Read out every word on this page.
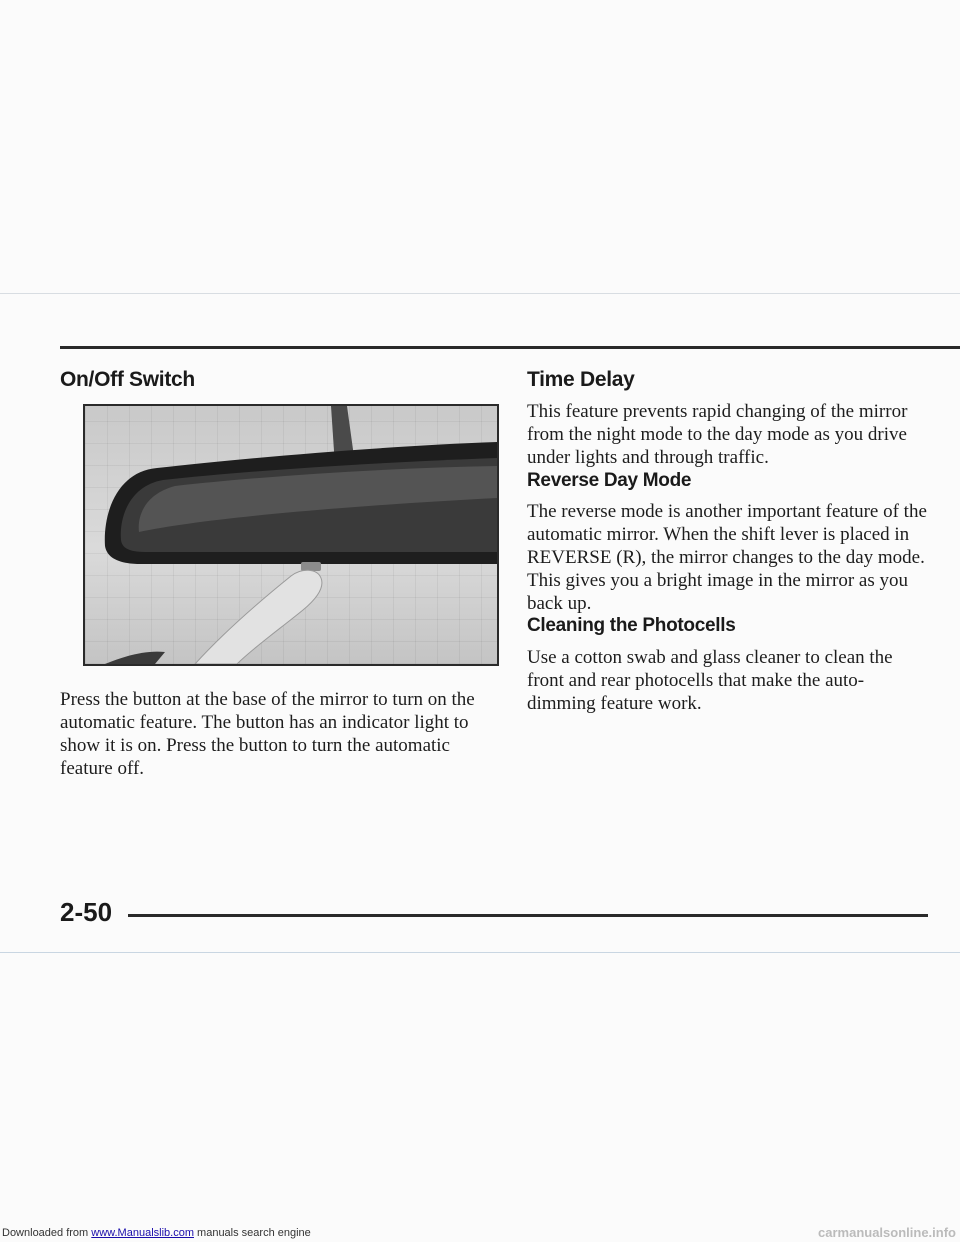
On/Off Switch

Press the button at the base of the mirror to turn on the automatic feature. The button has an indicator light to show it is on. Press the button to turn the automatic feature off.

Time Delay

This feature prevents rapid changing of the mirror from the night mode to the day mode as you drive under lights and through traffic.

Reverse Day Mode

The reverse mode is another important feature of the automatic mirror. When the shift lever is placed in REVERSE (R), the mirror changes to the day mode. This gives you a bright image in the mirror as you back up.

Cleaning the Photocells

Use a cotton swab and glass cleaner to clean the front and rear photocells that make the auto-dimming feature work.

2-50
Downloaded from www.Manualslib.com manuals search engine	carmanualsonline.info
